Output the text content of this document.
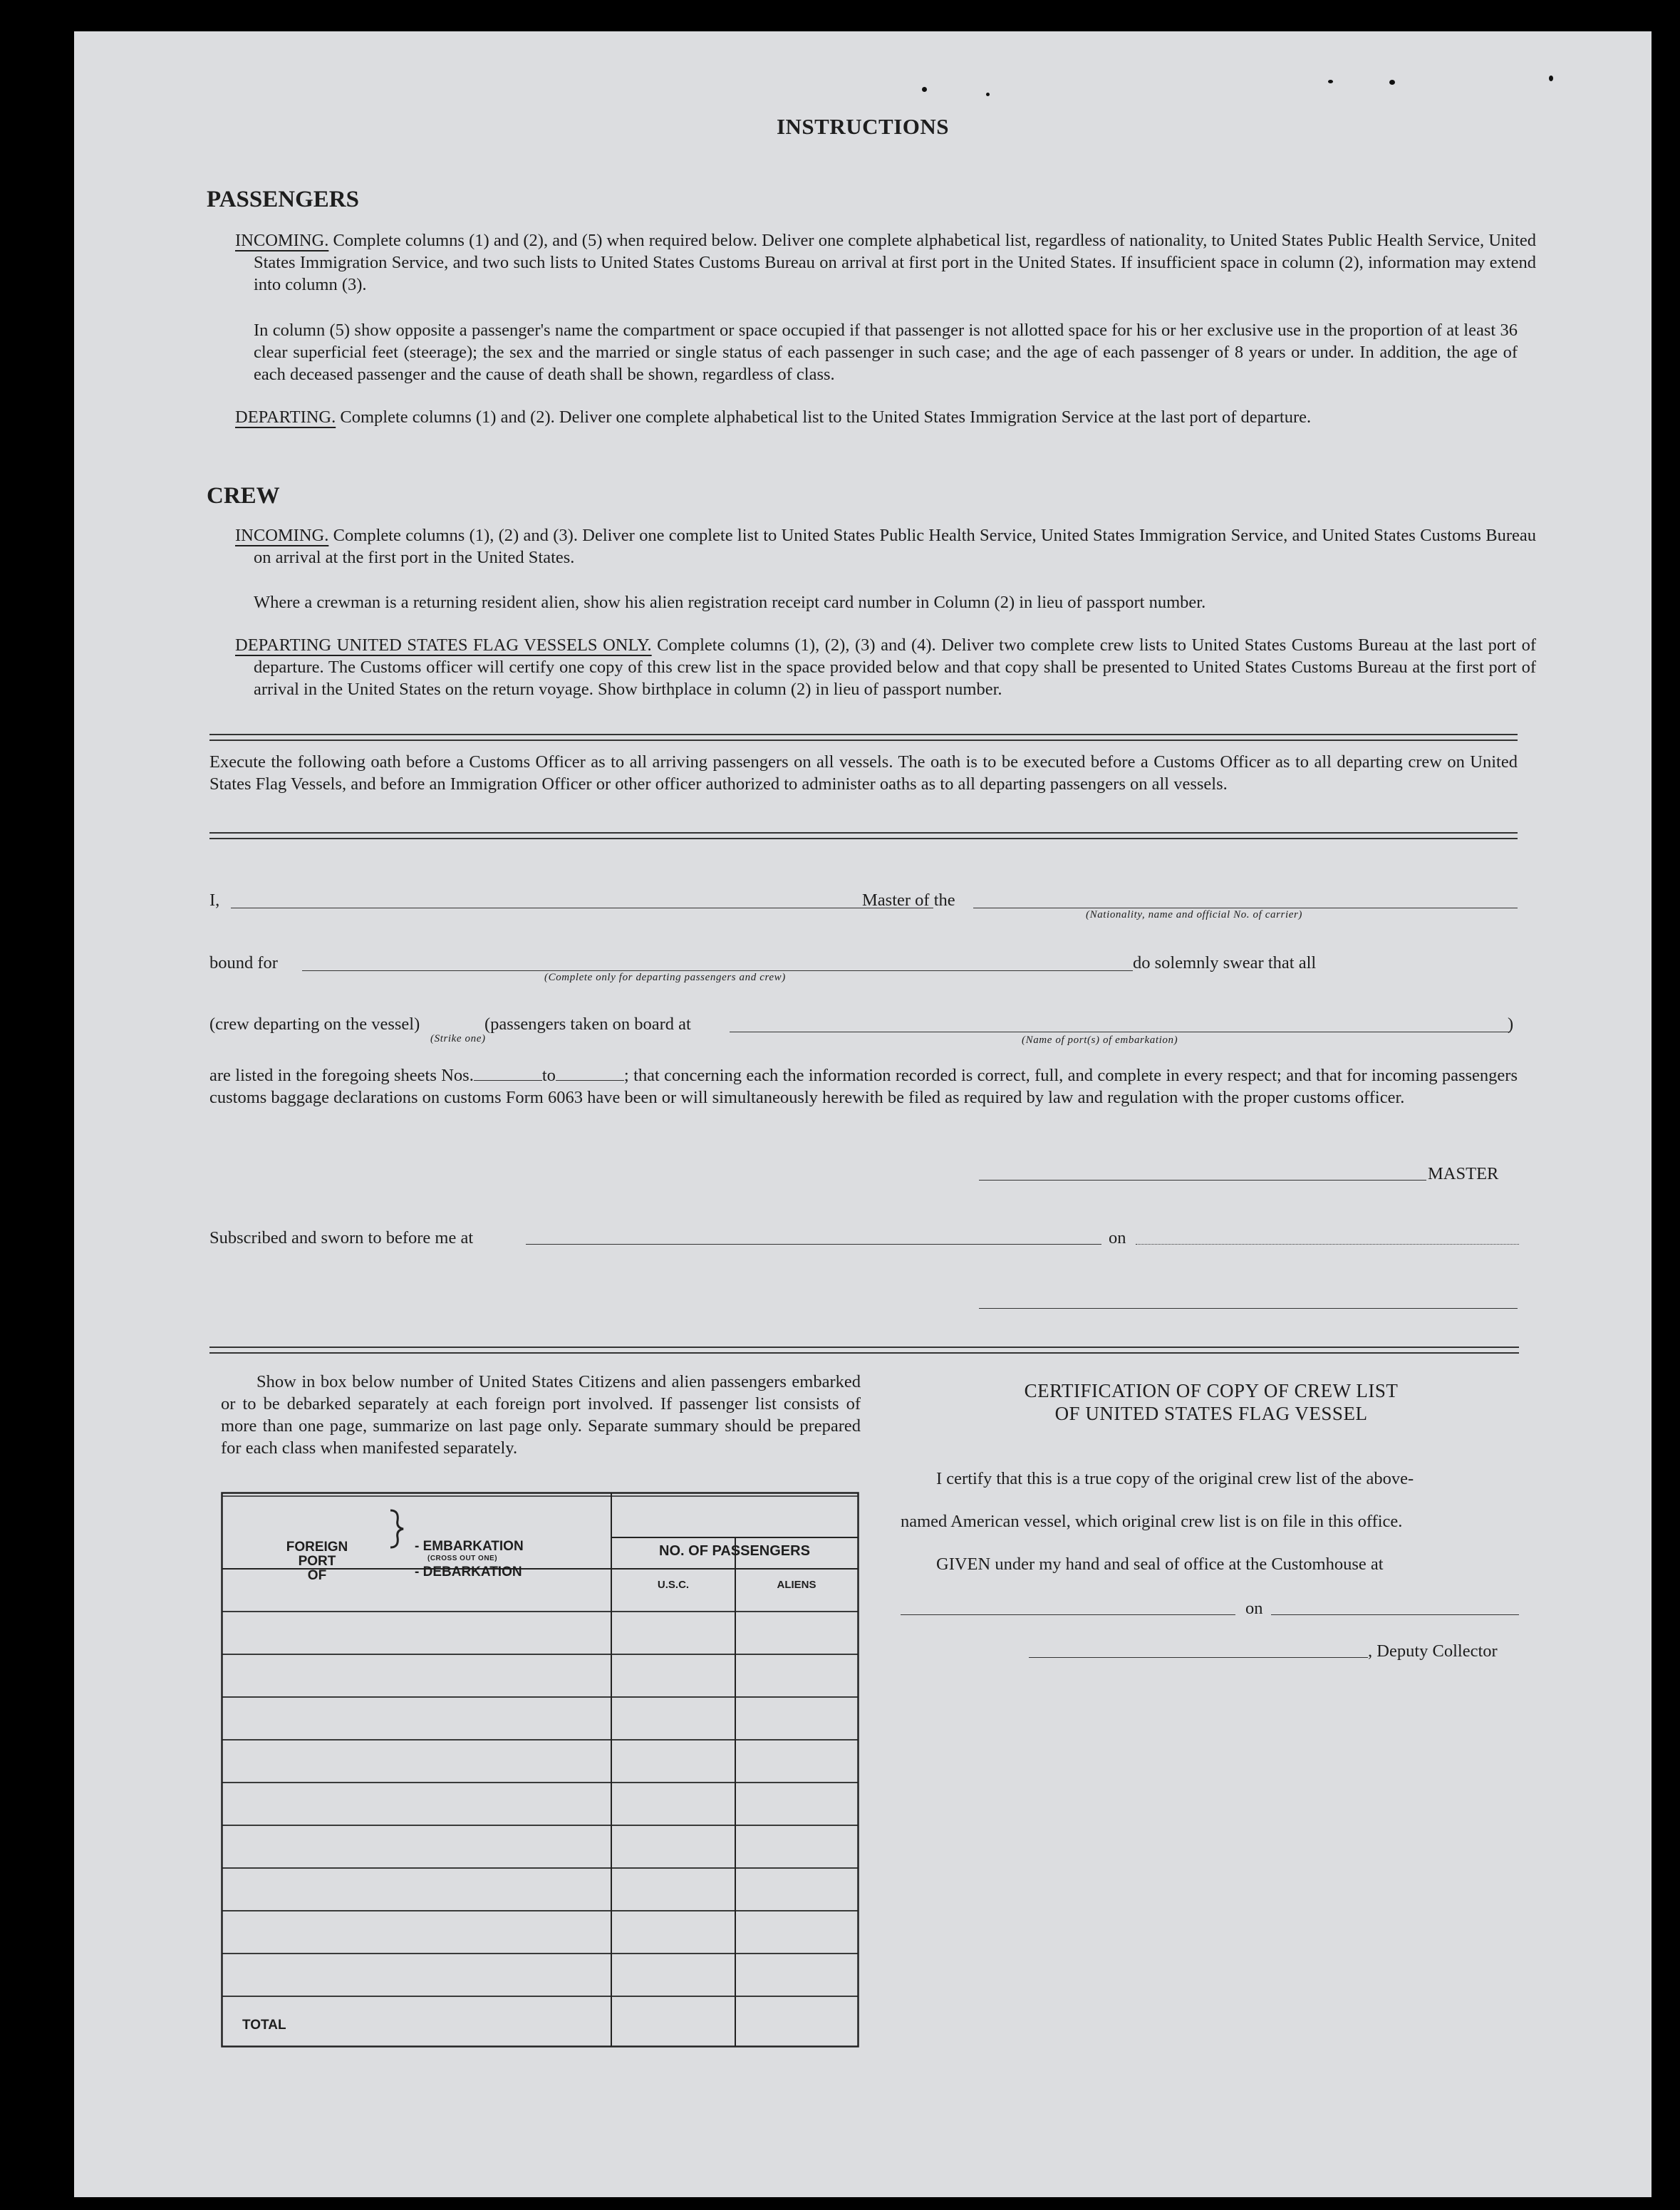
INSTRUCTIONS
PASSENGERS
INCOMING. Complete columns (1) and (2), and (5) when required below. Deliver one complete alphabetical list, regardless of nationality, to United States Public Health Service, United States Immigration Service, and two such lists to United States Customs Bureau on arrival at first port in the United States. If insufficient space in column (2), information may extend into column (3).
In column (5) show opposite a passenger's name the compartment or space occupied if that passenger is not allotted space for his or her exclusive use in the proportion of at least 36 clear superficial feet (steerage); the sex and the married or single status of each passenger in such case; and the age of each passenger of 8 years or under. In addition, the age of each deceased passenger and the cause of death shall be shown, regardless of class.
DEPARTING. Complete columns (1) and (2). Deliver one complete alphabetical list to the United States Immigration Service at the last port of departure.
CREW
INCOMING. Complete columns (1), (2) and (3). Deliver one complete list to United States Public Health Service, United States Immigration Service, and United States Customs Bureau on arrival at the first port in the United States.
Where a crewman is a returning resident alien, show his alien registration receipt card number in Column (2) in lieu of passport number.
DEPARTING UNITED STATES FLAG VESSELS ONLY. Complete columns (1), (2), (3) and (4). Deliver two complete crew lists to United States Customs Bureau at the last port of departure. The Customs officer will certify one copy of this crew list in the space provided below and that copy shall be presented to United States Customs Bureau at the first port of arrival in the United States on the return voyage. Show birthplace in column (2) in lieu of passport number.
Execute the following oath before a Customs Officer as to all arriving passengers on all vessels. The oath is to be executed before a Customs Officer as to all departing crew on United States Flag Vessels, and before an Immigration Officer or other officer authorized to administer oaths as to all departing passengers on all vessels.
I,	Master of the
(Nationality, name and official No. of carrier)
bound for
(Complete only for departing passengers and crew)
do solemnly swear that all
(crew departing on the vessel)
(Strike one)
(passengers taken on board at	)
(Name of port(s) of embarkation)
are listed in the foregoing sheets Nos.	to	; that concerning each the information recorded is correct, full, and complete in every respect; and that for incoming passengers customs baggage declarations on customs Form 6063 have been or will simultaneously herewith be filed as required by law and regulation with the proper customs officer.
MASTER
Subscribed and sworn to before me at	on
Show in box below number of United States Citizens and alien passengers embarked or to be debarked separately at each foreign port involved. If passenger list consists of more than one page, summarize on last page only. Separate summary should be prepared for each class when manifested separately.
FOREIGN
PORT
OF
- EMBARKATION
(CROSS OUT ONE)
- DEBARKATION
NO. OF PASSENGERS
U.S.C.	ALIENS
TOTAL
CERTIFICATION OF COPY OF CREW LIST
OF UNITED STATES FLAG VESSEL
I certify that this is a true copy of the original crew list of the above-
named American vessel, which original crew list is on file in this office.
GIVEN under my hand and seal of office at the Customhouse at
on
, Deputy Collector
